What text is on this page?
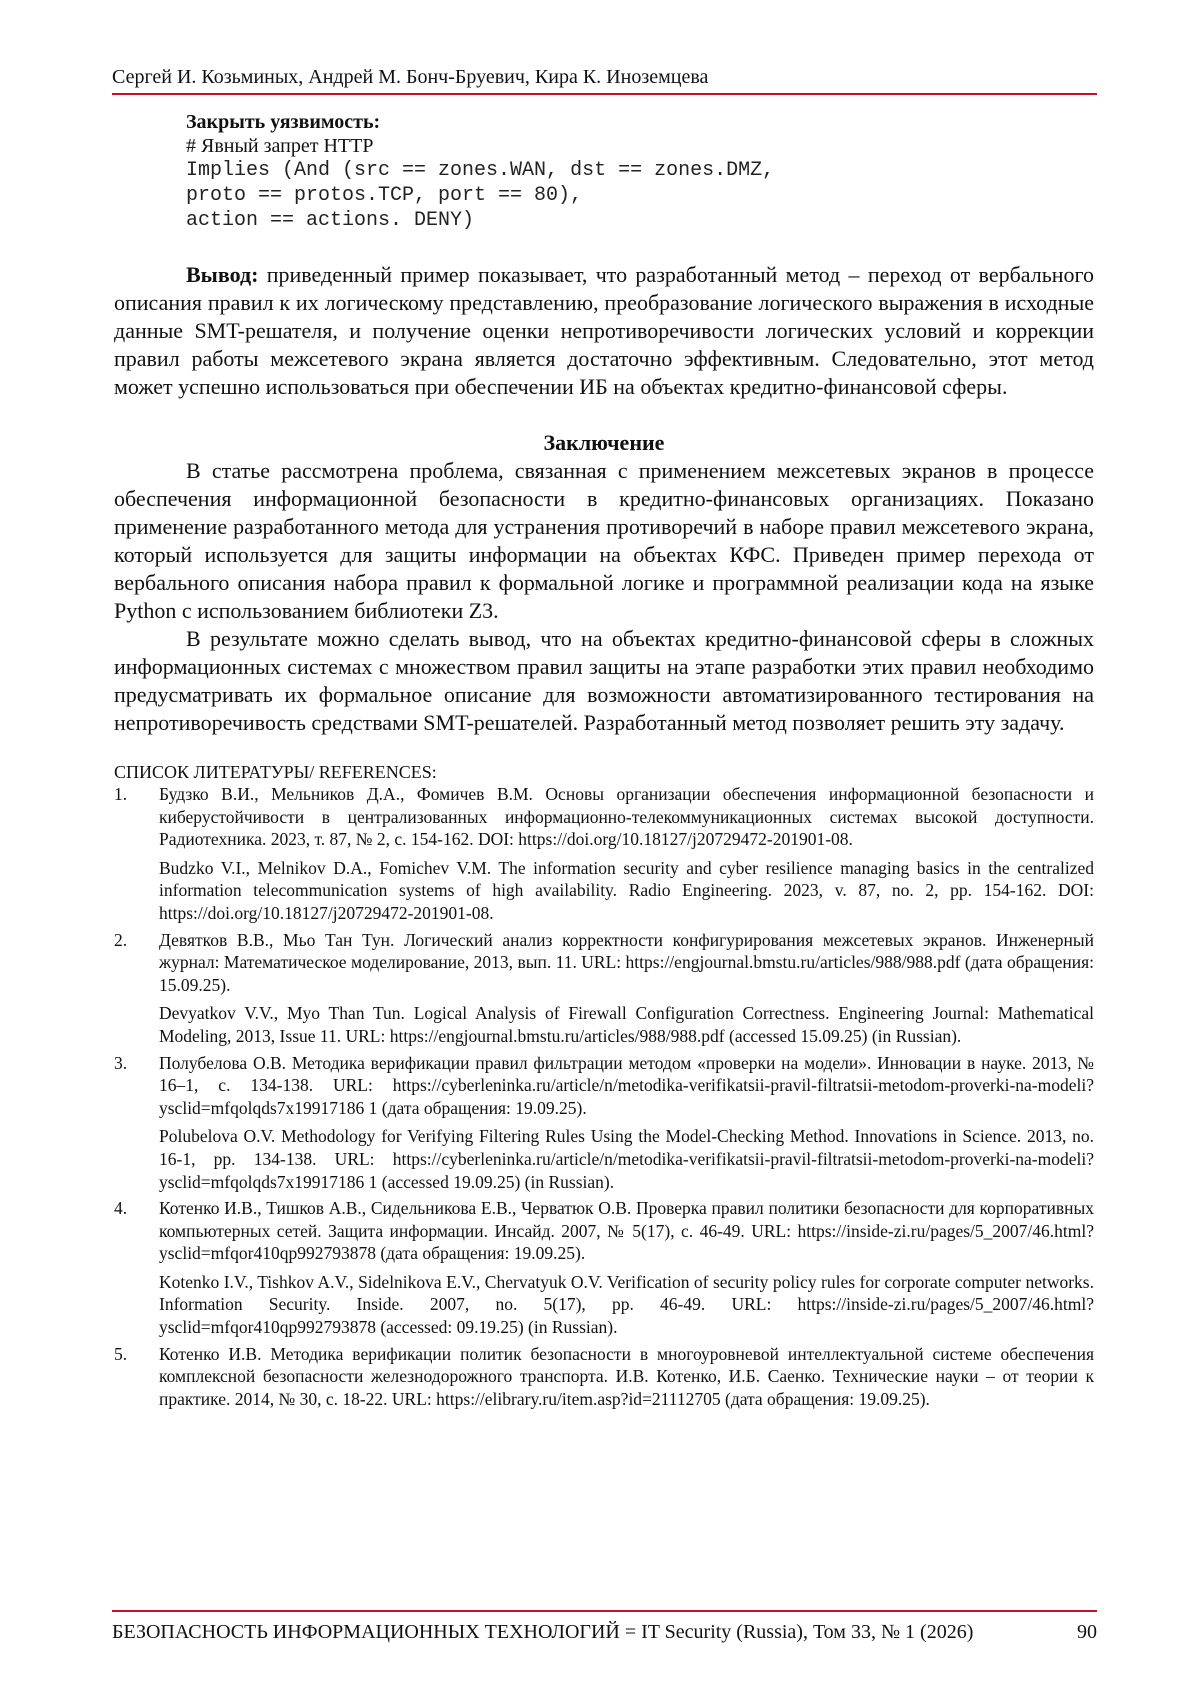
Сергей И. Козьминых, Андрей М. Бонч-Бруевич, Кира К. Иноземцева
Закрыть уязвимость:
# Явный запрет HTTP
Implies (And (src == zones.WAN, dst == zones.DMZ,
proto == protos.TCP, port == 80),
action == actions. DENY)

Вывод: приведенный пример показывает, что разработанный метод – переход от вербального описания правил к их логическому представлению, преобразование логического выражения в исходные данные SMT-решателя, и получение оценки непротиворечивости логических условий и коррекции правил работы межсетевого экрана является достаточно эффективным. Следовательно, этот метод может успешно использоваться при обеспечении ИБ на объектах кредитно-финансовой сферы.

Заключение

В статье рассмотрена проблема, связанная с применением межсетевых экранов в процессе обеспечения информационной безопасности в кредитно-финансовых организациях. Показано применение разработанного метода для устранения противоречий в наборе правил межсетевого экрана, который используется для защиты информации на объектах КФС. Приведен пример перехода от вербального описания набора правил к формальной логике и программной реализации кода на языке Python с использованием библиотеки Z3.

В результате можно сделать вывод, что на объектах кредитно-финансовой сферы в сложных информационных системах с множеством правил защиты на этапе разработки этих правил необходимо предусматривать их формальное описание для возможности автоматизированного тестирования на непротиворечивость средствами SMT-решателей. Разработанный метод позволяет решить эту задачу.

СПИСОК ЛИТЕРАТУРЫ/ REFERENCES:
1. Будзко В.И., Мельников Д.А., Фомичев В.М. Основы организации обеспечения информационной безопасности и киберустойчивости в централизованных информационно-телекоммуникационных системах высокой доступности. Радиотехника. 2023, т. 87, № 2, с. 154-162. DOI: https://doi.org/10.18127/j20729472-201901-08.
Budzko V.I., Melnikov D.A., Fomichev V.M. The information security and cyber resilience managing basics in the centralized information telecommunication systems of high availability. Radio Engineering. 2023, v. 87, no. 2, pp. 154-162. DOI: https://doi.org/10.18127/j20729472-201901-08.
2. Девятков В.В., Мьо Тан Тун. Логический анализ корректности конфигурирования межсетевых экранов. Инженерный журнал: Математическое моделирование, 2013, вып. 11. URL: https://engjournal.bmstu.ru/articles/988/988.pdf (дата обращения: 15.09.25).
Devyatkov V.V., Myo Than Tun. Logical Analysis of Firewall Configuration Correctness. Engineering Journal: Mathematical Modeling, 2013, Issue 11. URL: https://engjournal.bmstu.ru/articles/988/988.pdf (accessed 15.09.25) (in Russian).
3. Полубелова О.В. Методика верификации правил фильтрации методом «проверки на модели». Инновации в науке. 2013, № 16–1, с. 134-138. URL: https://cyberleninka.ru/article/n/metodika-verifikatsii-pravil-filtratsii-metodom-proverki-na-modeli?ysclid=mfqolqds7x19917186 1 (дата обращения: 19.09.25).
Polubelova O.V. Methodology for Verifying Filtering Rules Using the Model-Checking Method. Innovations in Science. 2013, no. 16-1, pp. 134-138. URL: https://cyberleninka.ru/article/n/metodika-verifikatsii-pravil-filtratsii-metodom-proverki-na-modeli?ysclid=mfqolqds7x19917186 1 (accessed 19.09.25) (in Russian).
4. Котенко И.В., Тишков А.В., Сидельникова Е.В., Черватюк О.В. Проверка правил политики безопасности для корпоративных компьютерных сетей. Защита информации. Инсайд. 2007, № 5(17), с. 46-49. URL: https://inside-zi.ru/pages/5_2007/46.html?ysclid=mfqor410qp992793878 (дата обращения: 19.09.25).
Kotenko I.V., Tishkov A.V., Sidelnikova E.V., Chervatyuk O.V. Verification of security policy rules for corporate computer networks. Information Security. Inside. 2007, no. 5(17), pp. 46-49. URL: https://inside-zi.ru/pages/5_2007/46.html?ysclid=mfqor410qp992793878 (accessed: 09.19.25) (in Russian).
5. Котенко И.В. Методика верификации политик безопасности в многоуровневой интеллектуальной системе обеспечения комплексной безопасности железнодорожного транспорта. И.В. Котенко, И.Б. Саенко. Технические науки – от теории к практике. 2014, № 30, с. 18-22. URL: https://elibrary.ru/item.asp?id=21112705 (дата обращения: 19.09.25).
БЕЗОПАСНОСТЬ ИНФОРМАЦИОННЫХ ТЕХНОЛОГИЙ = IT Security (Russia), Том 33, № 1 (2026)	90
